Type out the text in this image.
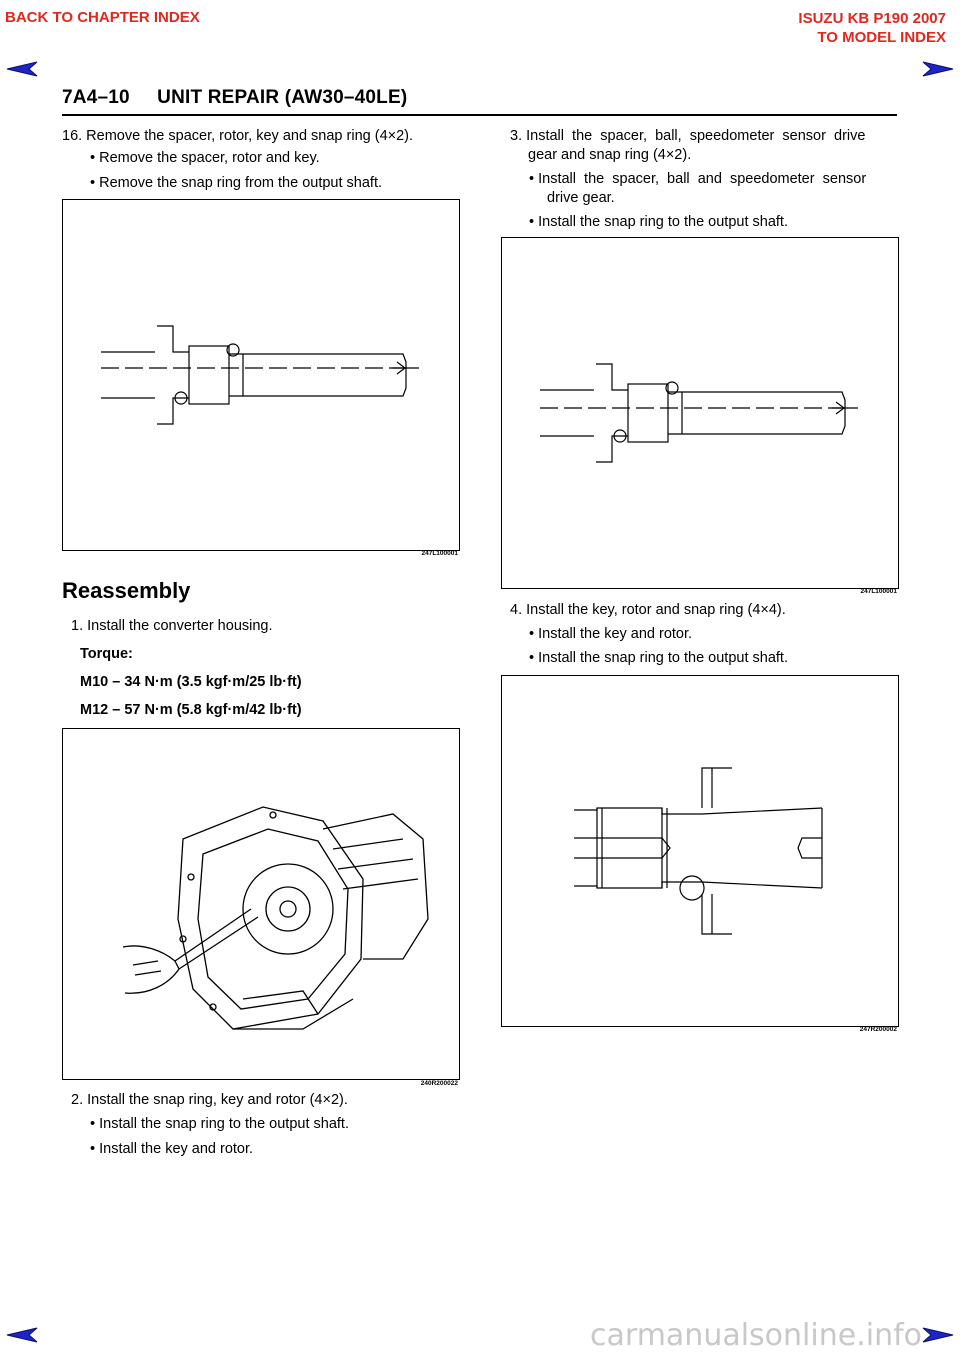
BACK TO CHAPTER INDEX	ISUZU KB P190 2007
TO MODEL INDEX
7A4–10     UNIT REPAIR (AW30–40LE)
16. Remove the spacer, rotor, key and snap ring (4×2).
• Remove the spacer, rotor and key.
• Remove the snap ring from the output shaft.
247L100001
Reassembly
1. Install the converter housing.
Torque:
M10 – 34 N·m (3.5 kgf·m/25 lb·ft)
M12 – 57 N·m (5.8 kgf·m/42 lb·ft)
240R200022
2. Install the snap ring, key and rotor (4×2).
• Install the snap ring to the output shaft.
• Install the key and rotor.
3. Install  the  spacer,  ball,  speedometer  sensor  drive
gear and snap ring (4×2).
• Install  the  spacer,  ball  and  speedometer  sensor
drive gear.
• Install the snap ring to the output shaft.
247L100001
4. Install the key, rotor and snap ring (4×4).
• Install the key and rotor.
• Install the snap ring to the output shaft.
247R200002
carmanualsonline.info
